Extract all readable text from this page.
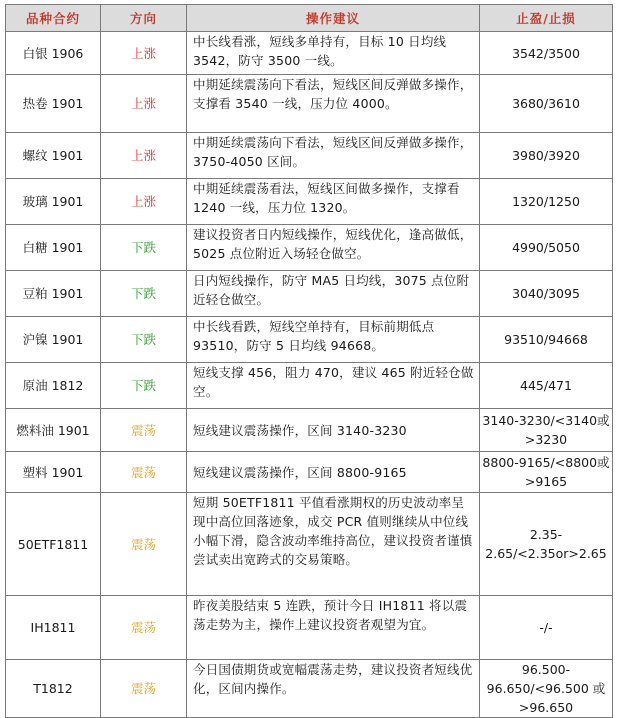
品种合约	方向	操作建议	止盈/止损
白银 1906	上涨	中长线看涨，短线多单持有，目标 10 日均线 3542，防守 3500 一线。	3542/3500
热卷 1901	上涨	中期延续震荡向下看法，短线区间反弹做多操作，支撑看 3540 一线，压力位 4000。	3680/3610
螺纹 1901	上涨	中期延续震荡向下看法，短线区间反弹做多操作， 3750-4050 区间。	3980/3920
玻璃 1901	上涨	中期延续震荡看法，短线区间做多操作，支撑看 1240 一线，压力位 1320。	1320/1250
白糖 1901	下跌	建议投资者日内短线操作，短线优化，逢高做低，5025 点位附近入场轻仓做空。	4990/5050
豆粕 1901	下跌	日内短线操作，防守 MA5 日均线，3075 点位附近轻仓做空。	3040/3095
沪镍 1901	下跌	中长线看跌，短线空单持有，目标前期低点 93510，防守 5 日均线 94668。	93510/94668
原油 1812	下跌	短线支撑 456，阻力 470，建议 465 附近轻仓做空。	445/471
燃料油 1901	震荡	短线建议震荡操作，区间 3140-3230	3140-3230/<3140或>3230
塑料 1901	震荡	短线建议震荡操作，区间 8800-9165	8800-9165/<8800或>9165
50ETF1811	震荡	短期 50ETF1811 平值看涨期权的历史波动率呈现中高位回落迹象，成交 PCR 值则继续从中位线小幅下滑，隐含波动率维持高位，建议投资者谨慎尝试卖出宽跨式的交易策略。	2.35-2.65/<2.35or>2.65
IH1811	震荡	昨夜美股结束 5 连跌，预计今日 IH1811 将以震荡走势为主，操作上建议投资者观望为宜。	-/-
T1812	震荡	今日国债期货或宽幅震荡走势，建议投资者短线优化，区间内操作。	96.500-96.650/<96.500 或>96.650
